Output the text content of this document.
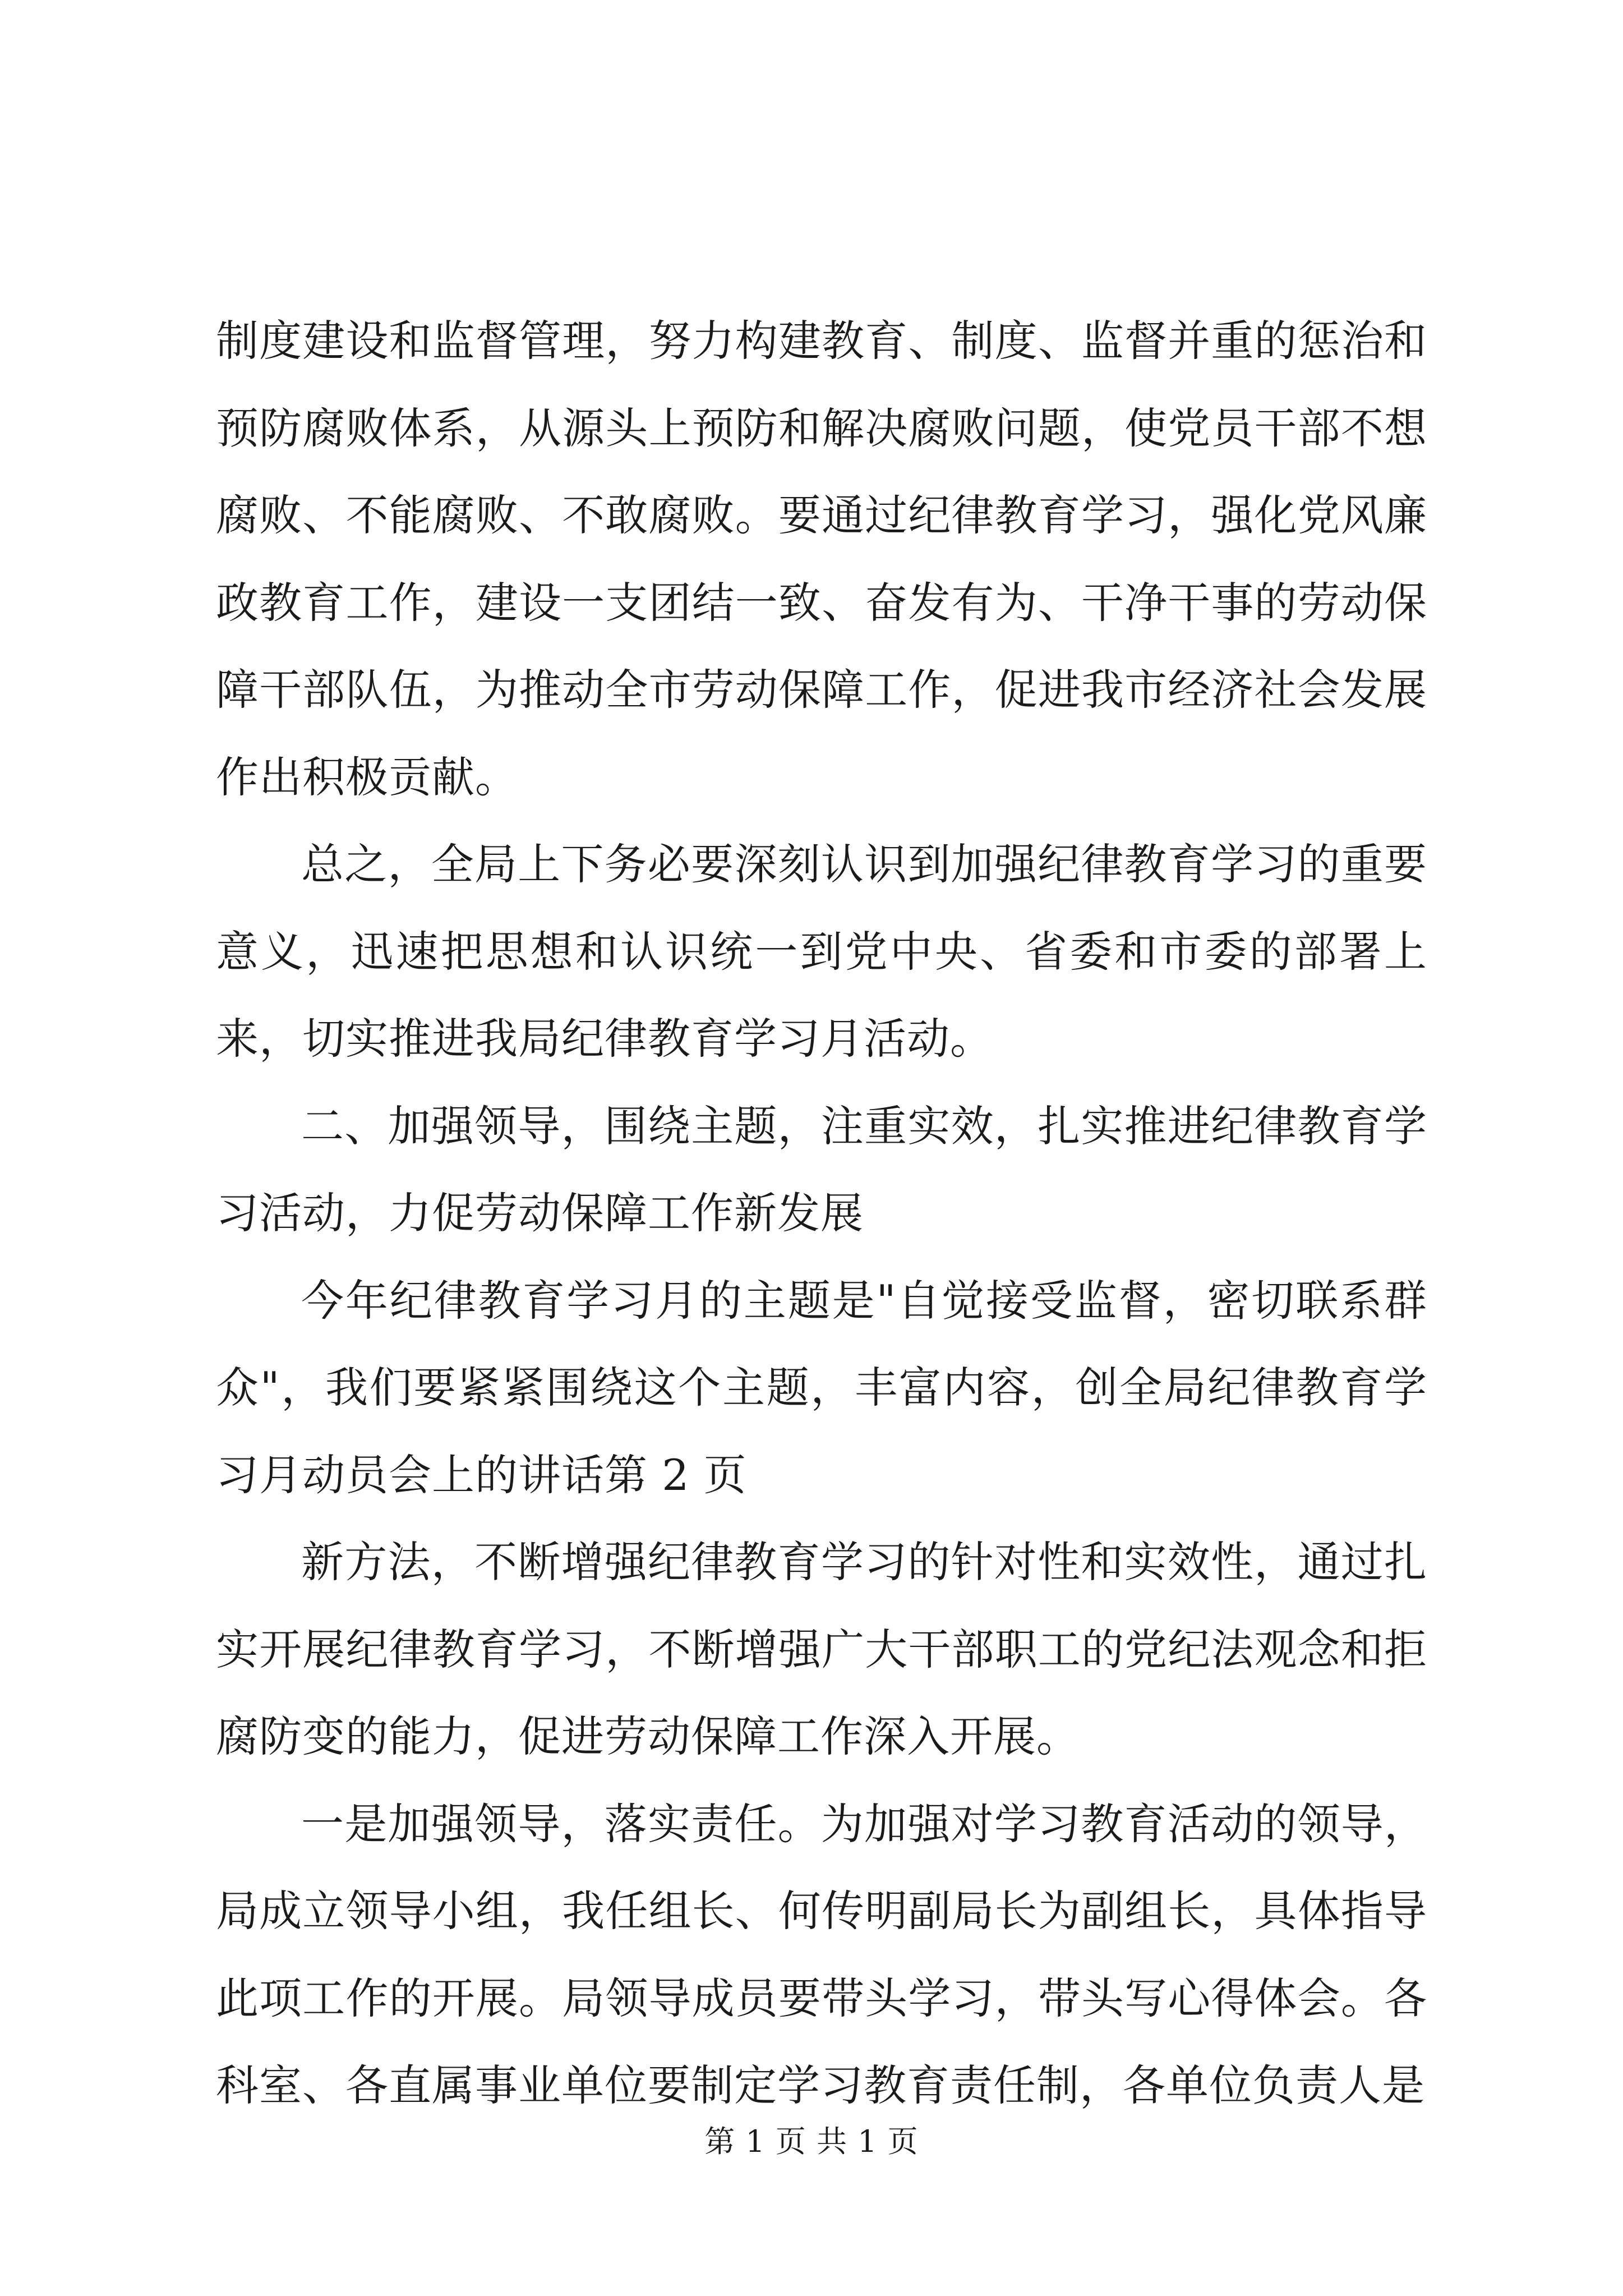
制度建设和监督管理，努力构建教育、制度、监督并重的惩治和预防腐败体系，从源头上预防和解决腐败问题，使党员干部不想腐败、不能腐败、不敢腐败。要通过纪律教育学习，强化党风廉政教育工作，建设一支团结一致、奋发有为、干净干事的劳动保障干部队伍，为推动全市劳动保障工作，促进我市经济社会发展作出积极贡献。

总之，全局上下务必要深刻认识到加强纪律教育学习的重要意义，迅速把思想和认识统一到党中央、省委和市委的部署上来，切实推进我局纪律教育学习月活动。

二、加强领导，围绕主题，注重实效，扎实推进纪律教育学习活动，力促劳动保障工作新发展

今年纪律教育学习月的主题是"自觉接受监督，密切联系群众"，我们要紧紧围绕这个主题，丰富内容，创全局纪律教育学习月动员会上的讲话第 2 页

新方法，不断增强纪律教育学习的针对性和实效性，通过扎实开展纪律教育学习，不断增强广大干部职工的党纪法观念和拒腐防变的能力，促进劳动保障工作深入开展。

一是加强领导，落实责任。为加强对学习教育活动的领导，局成立领导小组，我任组长、何传明副局长为副组长，具体指导此项工作的开展。局领导成员要带头学习，带头写心得体会。各科室、各直属事业单位要制定学习教育责任制，各单位负责人是

第 1 页 共 1 页
